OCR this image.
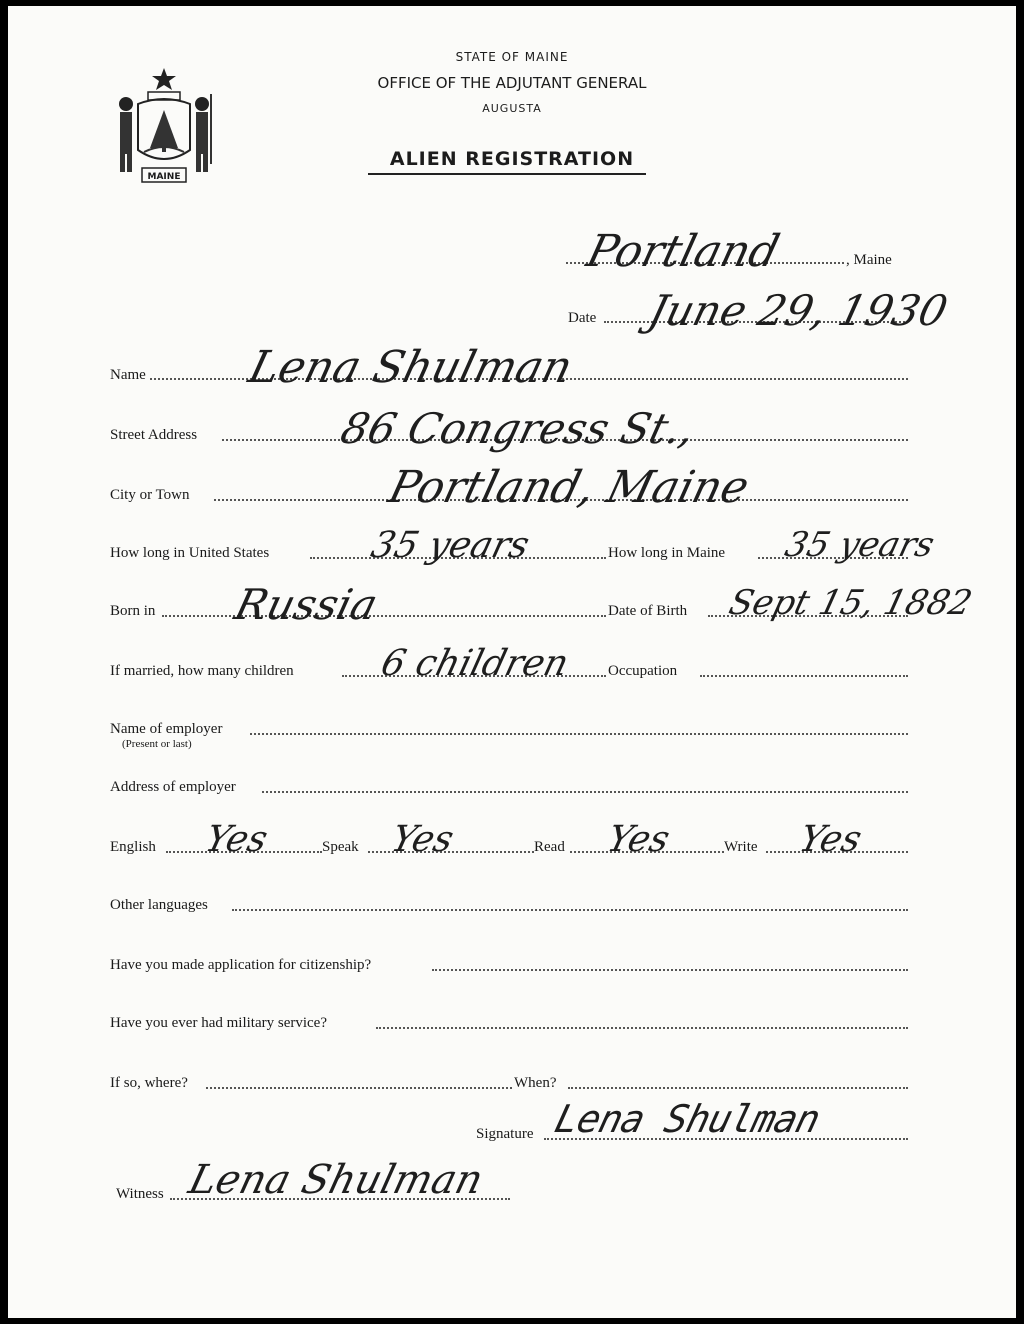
MAINE
STATE OF MAINE
OFFICE OF THE ADJUTANT GENERAL
AUGUSTA
ALIEN REGISTRATION
Portland	, Maine
Date June 29, 1930
Name Lena Shulman
Street Address	86 Congress St.,
City or Town	Portland, Maine
How long in United States	35 years	How long in Maine 35 years
Born in Russia	Date of Birth Sept 15, 1882
If married, how many children 6 children Occupation
Name of employer
(Present or last)
Address of employer
English Yes	Speak Yes	Read Yes	Write Yes
Other languages
Have you made application for citizenship?
Have you ever had military service?
If so, where?	When?
Signature Lena Shulman
Witness Lena Shulman
